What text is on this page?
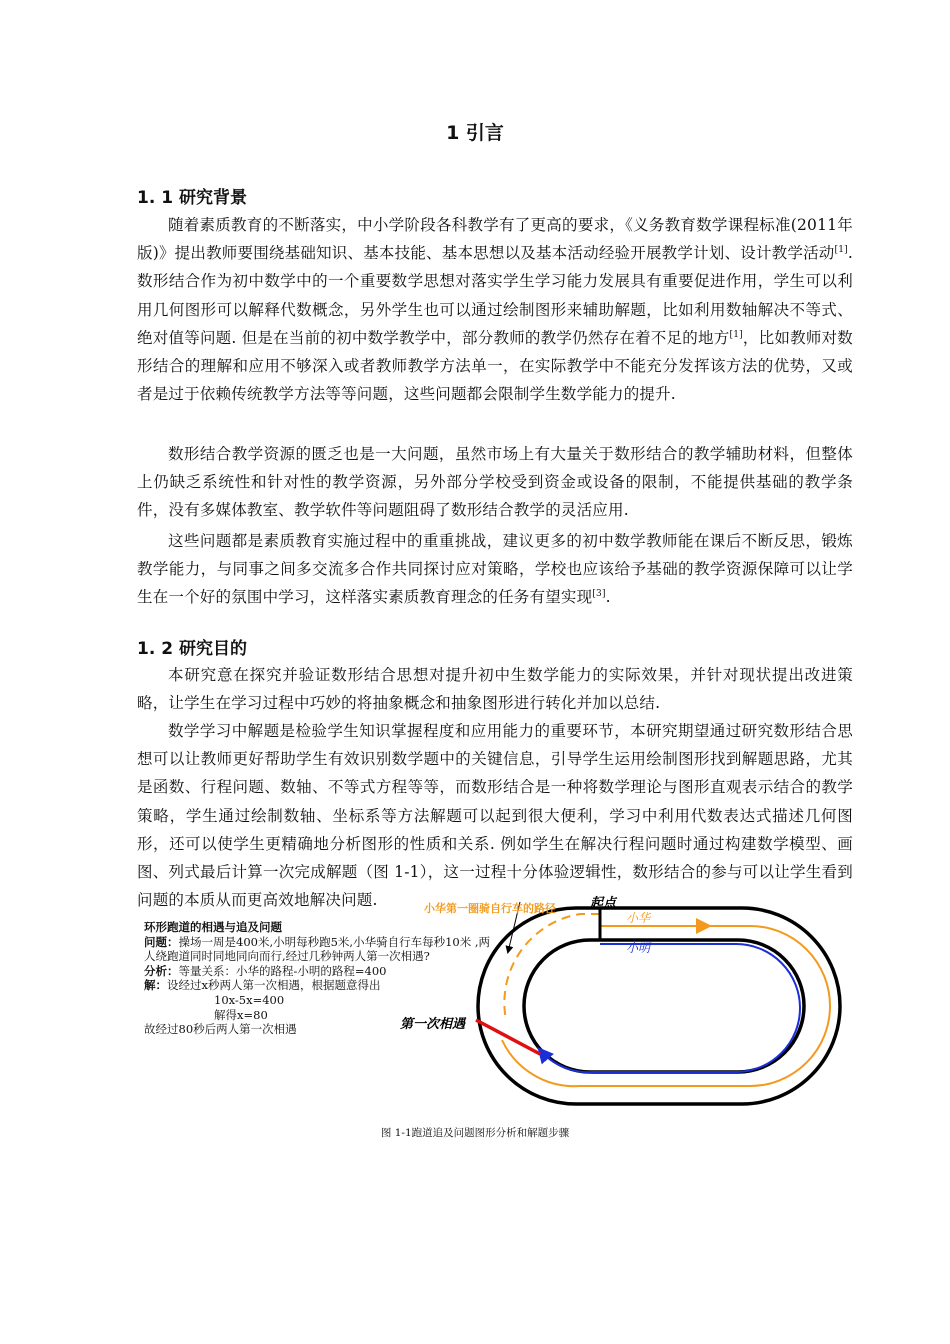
1 引言
1. 1 研究背景

随着素质教育的不断落实，中小学阶段各科教学有了更高的要求，《义务教育数学课程标准(2011年版)》提出教师要围绕基础知识、基本技能、基本思想以及基本活动经验开展教学计划、设计教学活动[1]. 数形结合作为初中数学中的一个重要数学思想对落实学生学习能力发展具有重要促进作用，学生可以利用几何图形可以解释代数概念，另外学生也可以通过绘制图形来辅助解题，比如利用数轴解决不等式、绝对值等问题. 但是在当前的初中数学教学中，部分教师的教学仍然存在着不足的地方[1]，比如教师对数形结合的理解和应用不够深入或者教师教学方法单一，在实际教学中不能充分发挥该方法的优势，又或者是过于依赖传统教学方法等等问题，这些问题都会限制学生数学能力的提升.

数形结合教学资源的匮乏也是一大问题，虽然市场上有大量关于数形结合的教学辅助材料，但整体上仍缺乏系统性和针对性的教学资源，另外部分学校受到资金或设备的限制，不能提供基础的教学条件，没有多媒体教室、教学软件等问题阻碍了数形结合教学的灵活应用.

这些问题都是素质教育实施过程中的重重挑战，建议更多的初中数学教师能在课后不断反思，锻炼教学能力，与同事之间多交流多合作共同探讨应对策略，学校也应该给予基础的教学资源保障可以让学生在一个好的氛围中学习，这样落实素质教育理念的任务有望实现[3].

1. 2 研究目的

本研究意在探究并验证数形结合思想对提升初中生数学能力的实际效果，并针对现状提出改进策略，让学生在学习过程中巧妙的将抽象概念和抽象图形进行转化并加以总结.

数学学习中解题是检验学生知识掌握程度和应用能力的重要环节，本研究期望通过研究数形结合思想可以让教师更好帮助学生有效识别数学题中的关键信息，引导学生运用绘制图形找到解题思路，尤其是函数、行程问题、数轴、不等式方程等等，而数形结合是一种将数学理论与图形直观表示结合的教学策略，学生通过绘制数轴、坐标系等方法解题可以起到很大便利，学习中利用代数表达式描述几何图形，还可以使学生更精确地分析图形的性质和关系. 例如学生在解决行程问题时通过构建数学模型、画图、列式最后计算一次完成解题（图 1-1），这一过程十分体验逻辑性，数形结合的参与可以让学生看到问题的本质从而更高效地解决问题.

环形跑道的相遇与追及问题
问题：操场一周是400米,小明每秒跑5米,小华骑自行车每秒10米 ,两人绕跑道同时同地同向而行,经过几秒钟两人第一次相遇?
分析：等量关系：小华的路程-小明的路程=400
解：设经过x秒两人第一次相遇，根据题意得出
10x-5x=400
解得x=80
故经过80秒后两人第一次相遇
小华第一圈骑自行车的路径	起点
小华
小明
第一次相遇
图 1-1跑道追及问题图形分析和解题步骤
